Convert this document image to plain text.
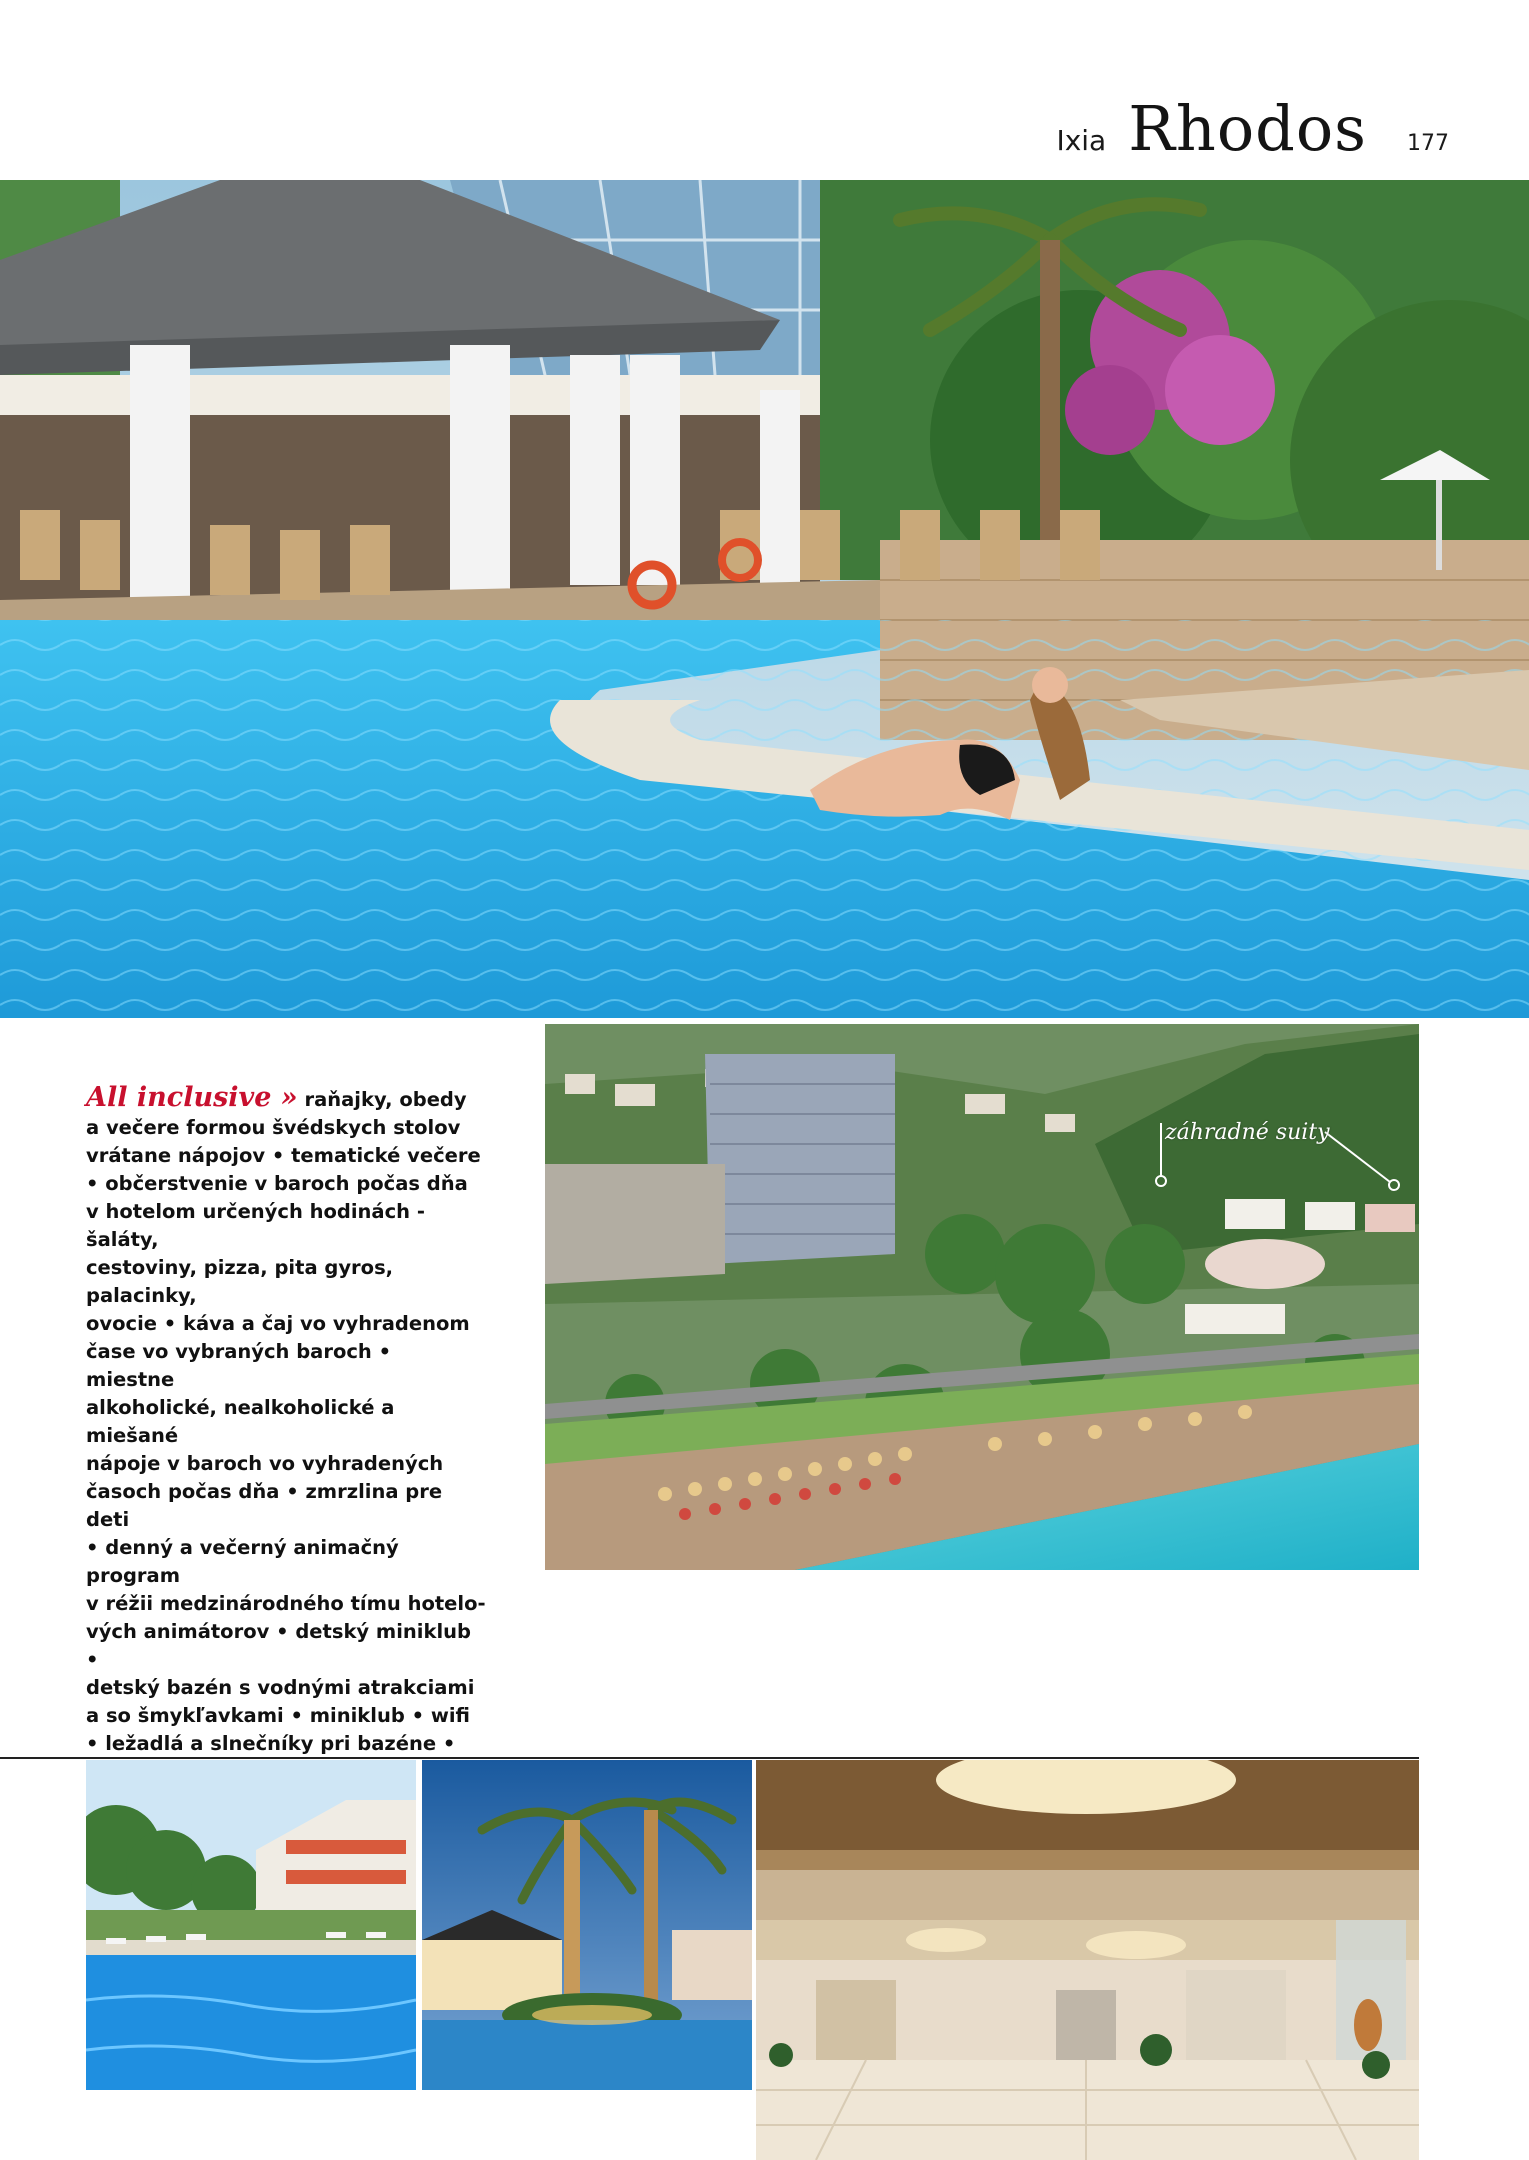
Ixia Rhodos 177
All inclusive » raňajky, obedy
a večere formou švédskych stolov
vrátane nápojov • tematické večere
• občerstvenie v baroch počas dňa
v hotelom určených hodinách - šaláty,
cestoviny, pizza, pita gyros, palacinky,
ovocie • káva a čaj vo vyhradenom
čase vo vybraných baroch • miestne
alkoholické, nealkoholické a miešané
nápoje v baroch vo vyhradených
časoch počas dňa • zmrzlina pre deti
• denný a večerný animačný program
v réžii medzinárodného tímu hotelo-
vých animátorov • detský miniklub •
detský bazén s vodnými atrakciami
a so šmykľavkami • miniklub • wifi
• ležadlá a slnečníky pri bazéne •

záhradné suity
